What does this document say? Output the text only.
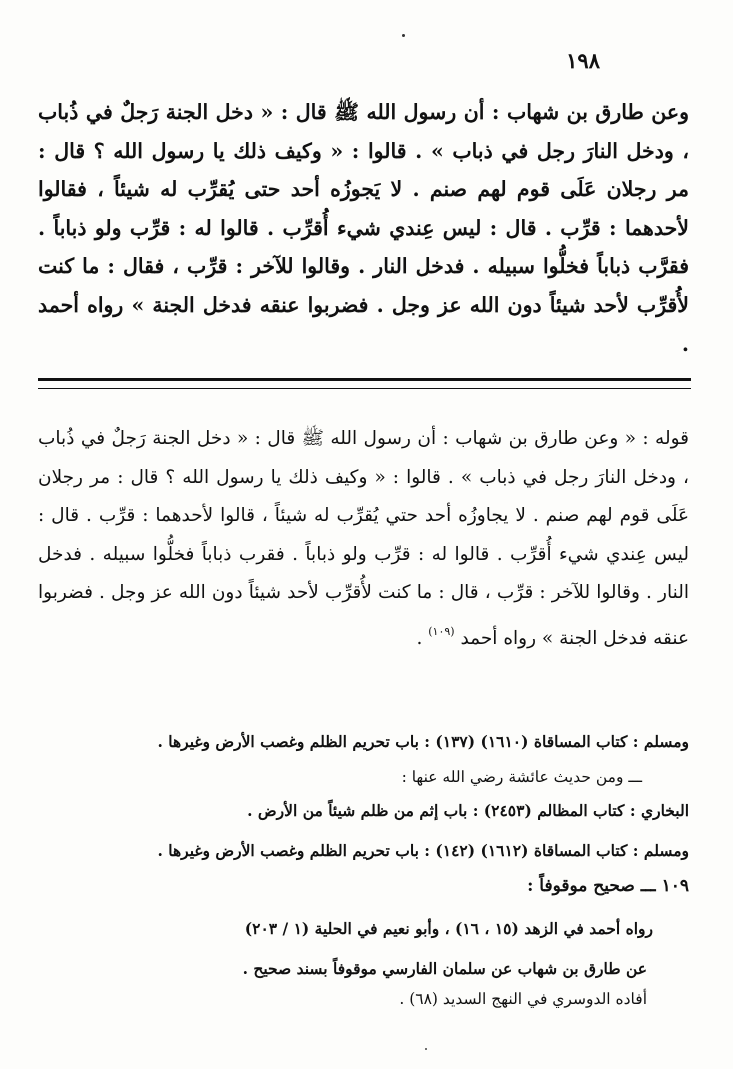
١٩٨
وعن طارق بن شهاب : أن رسول الله ﷺ قال : « دخل الجنة رَجلٌ في ذُباب ، ودخل النارَ رجل في ذباب » . قالوا : « وكيف ذلك يا رسول الله ؟ قال : مر رجلان عَلَى قوم لهم صنم . لا يَجوزُه أحد حتى يُقرِّب له شيئاً ، فقالوا لأحدهما : قرِّب . قال : ليس عِندي شيء أُقرِّب . قالوا له : قرِّب ولو ذباباً . فقرَّب ذباباً فخلُّوا سبيله . فدخل النار . وقالوا للآخر : قرِّب ، فقال : ما كنت لأُقرِّب لأحد شيئاً دون الله عز وجل . فضربوا عنقه فدخل الجنة » رواه أحمد .
قوله : « وعن طارق بن شهاب : أن رسول الله ﷺ قال : « دخل الجنة رَجلٌ في ذُباب ، ودخل النارَ رجل في ذباب » . قالوا : « وكيف ذلك يا رسول الله ؟ قال : مر رجلان عَلَى قوم لهم صنم . لا يجاوزُه أحد حتي يُقرِّب له شيئاً ، قالوا لأحدهما : قرِّب . قال : ليس عِندي شيء أُقرِّب . قالوا له : قرِّب ولو ذباباً . فقرب ذباباً فخلُّوا سبيله . فدخل النار . وقالوا للآخر : قرِّب ، قال : ما كنت لأُقرِّب لأحد شيئاً دون الله عز وجل . فضربوا عنقه فدخل الجنة » رواه أحمد $^{(١٠٩)}$ .
ومسلم : كتاب المساقاة (١٦١٠) (١٣٧) : باب تحريم الظلم وغصب الأرض وغيرها .
ـــ ومن حديث عائشة رضي الله عنها :
البخاري : كتاب المظالم (٢٤٥٣) : باب إثم من ظلم شيئاً من الأرض .
ومسلم : كتاب المساقاة (١٦١٢) (١٤٢) : باب تحريم الظلم وغصب الأرض وغيرها .
١٠٩ ـــ صحيح موقوفاً :
رواه أحمد في الزهد (١٥ ، ١٦) ، وأبو نعيم في الحلية (١ / ٢٠٣)
عن طارق بن شهاب عن سلمان الفارسي موقوفاً بسند صحيح .
أفاده الدوسري في النهج السديد (٦٨) .
